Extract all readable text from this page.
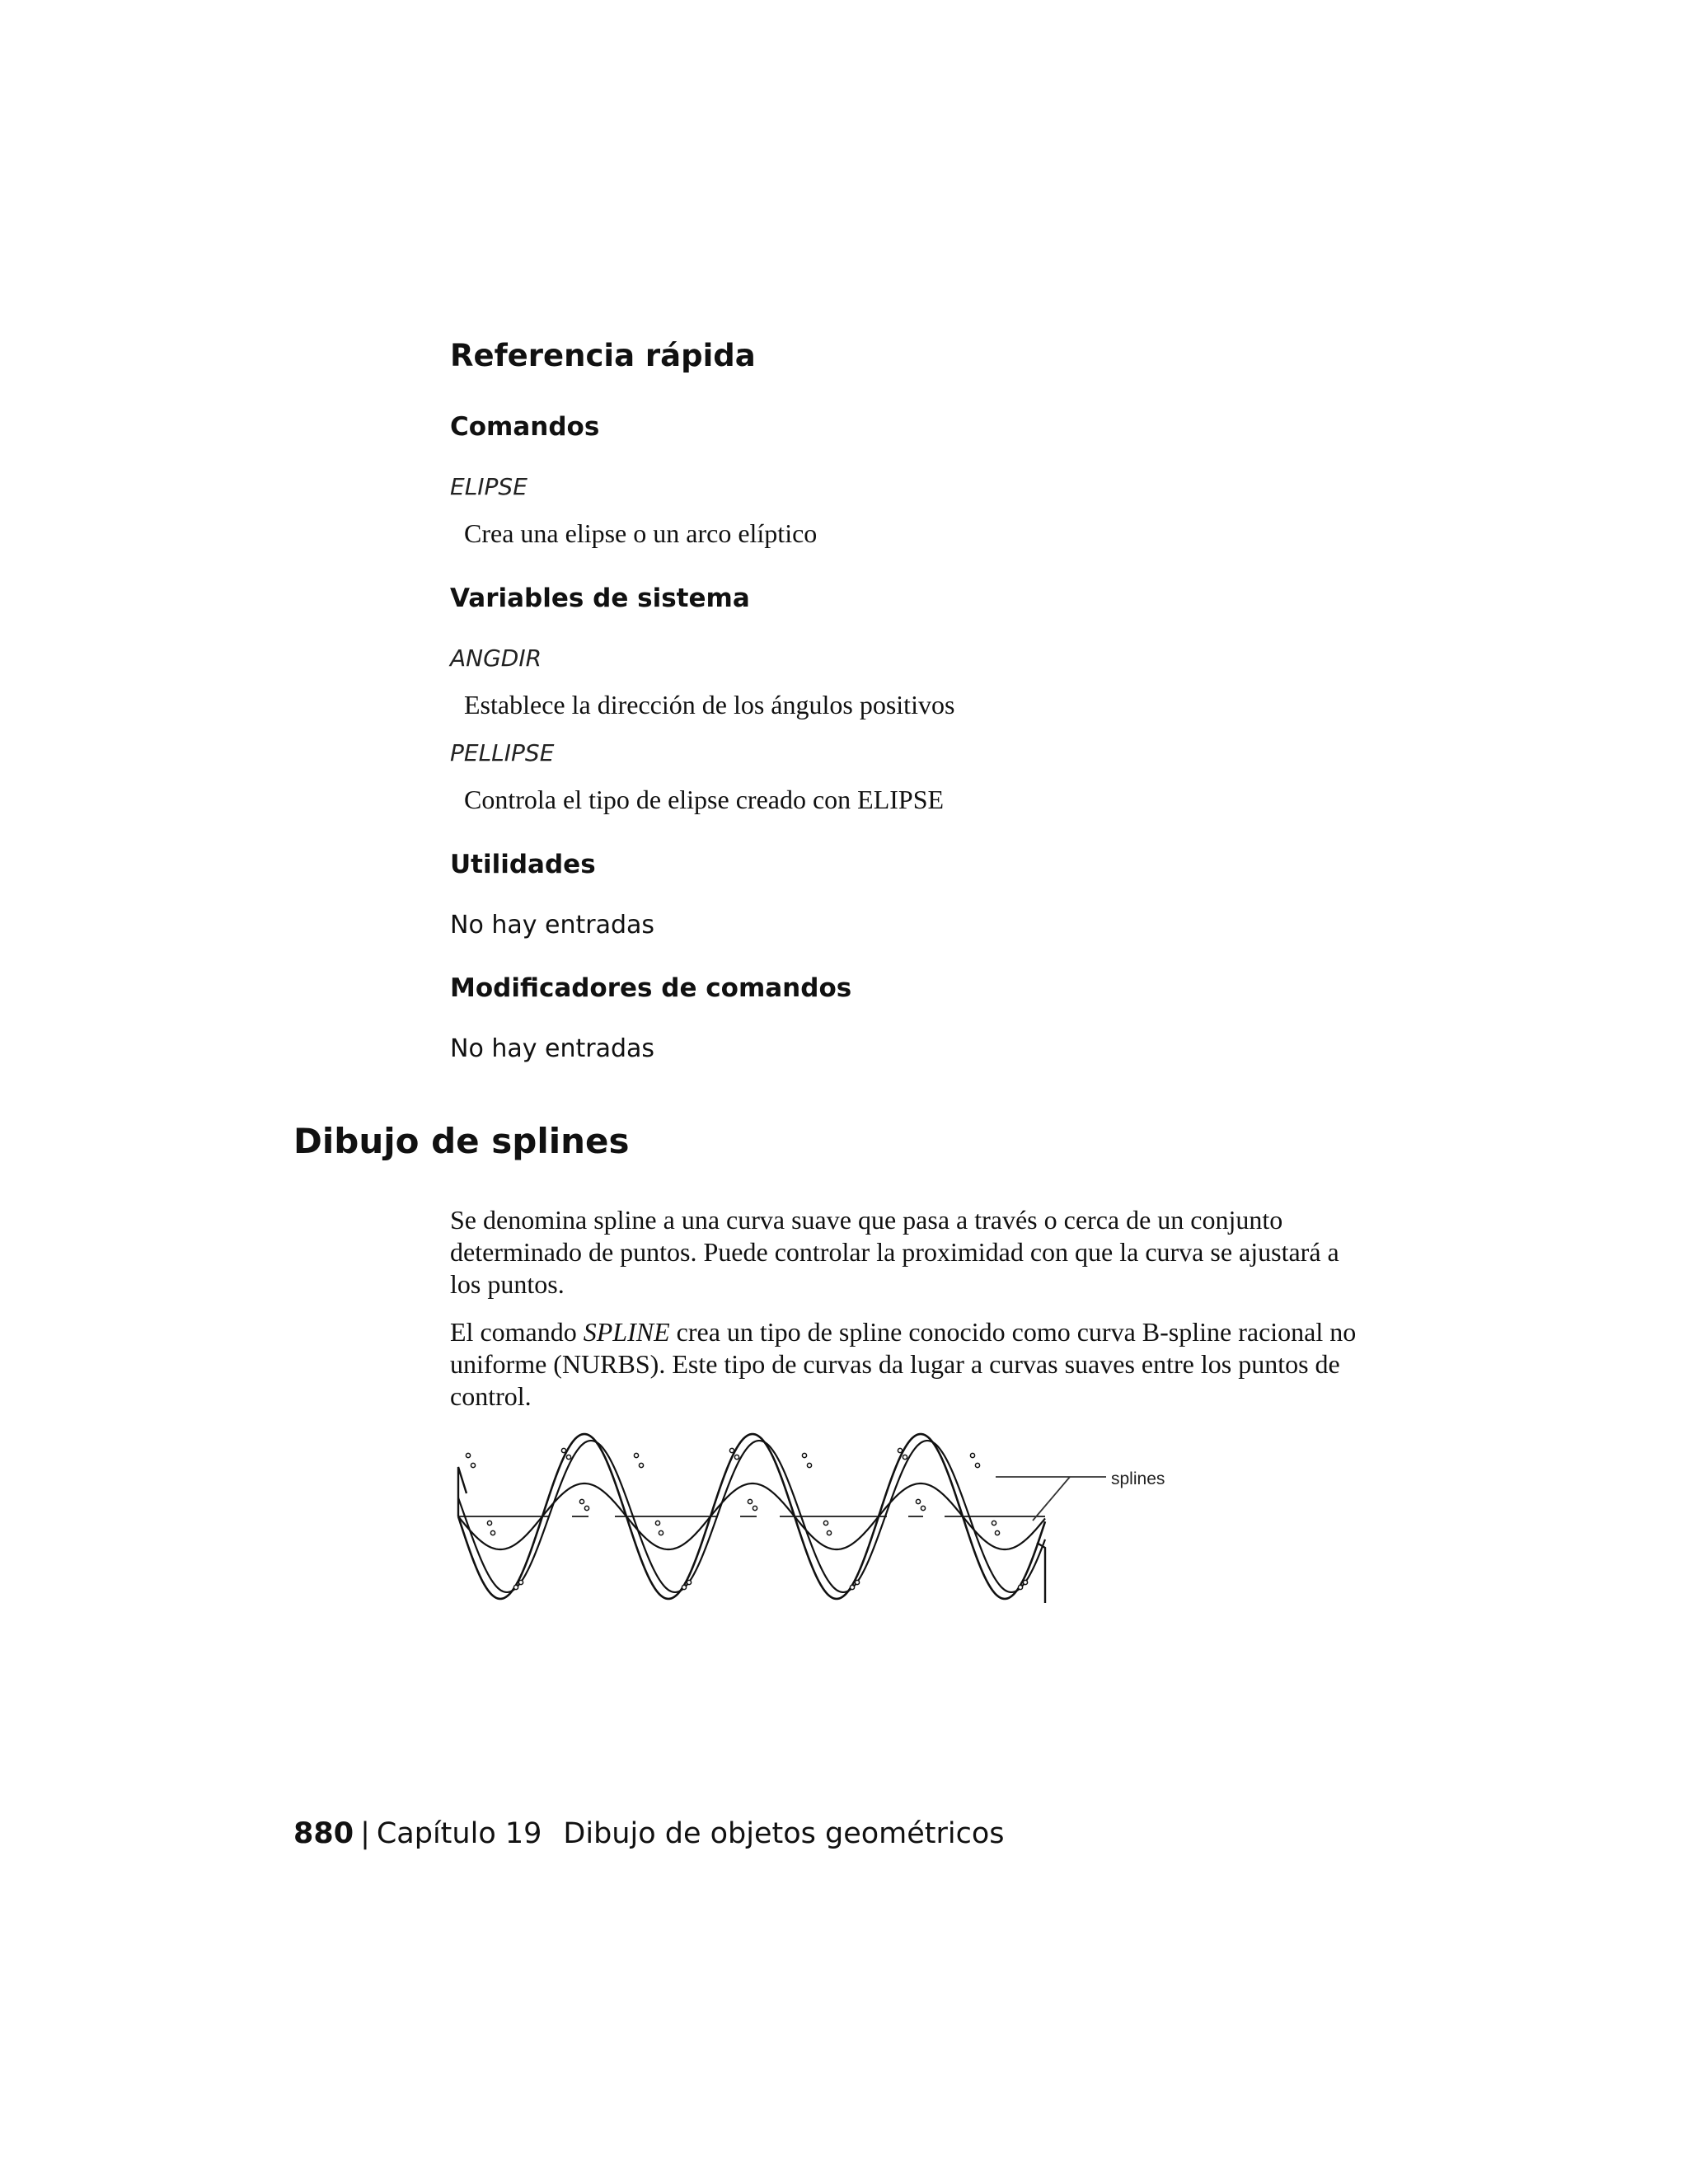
Referencia rápida
Comandos
ELIPSE
Crea una elipse o un arco elíptico
Variables de sistema
ANGDIR
Establece la dirección de los ángulos positivos
PELLIPSE
Controla el tipo de elipse creado con ELIPSE
Utilidades
No hay entradas
Modificadores de comandos
No hay entradas
Dibujo de splines

Se denomina spline a una curva suave que pasa a través o cerca de un conjunto determinado de puntos. Puede controlar la proximidad con que la curva se ajustará a los puntos.

El comando SPLINE crea un tipo de spline conocido como curva B-spline racional no uniforme (NURBS). Este tipo de curvas da lugar a curvas suaves entre los puntos de control.

splines
880 | Capítulo 19 Dibujo de objetos geométricos
